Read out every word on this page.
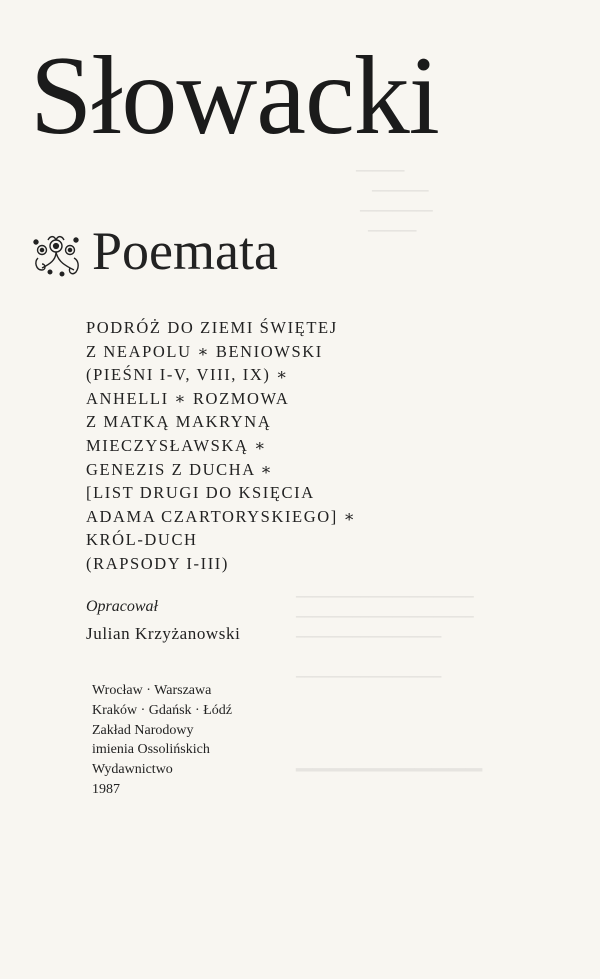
▁▁▁▁▁▁
▁▁▁▁▁▁▁
▁▁▁▁▁▁▁▁▁
▁▁▁▁▁▁
▁▁▁▁▁▁▁▁▁▁▁▁▁▁▁▁▁▁▁▁▁▁
▁▁▁▁▁▁▁▁▁▁▁▁▁▁▁▁▁▁▁▁▁▁
▁▁▁▁▁▁▁▁▁▁▁▁▁▁▁▁▁▁
▁▁▁▁▁▁▁▁▁▁▁▁▁▁▁▁▁▁
▁▁▁▁▁▁▁▁▁▁▁
Słowacki
Poemata
PODRÓŻ DO ZIEMI ŚWIĘTEJ
Z NEAPOLU ∗ BENIOWSKI
(PIEŚNI I-V, VIII, IX) ∗
ANHELLI ∗ ROZMOWA
Z MATKĄ MAKRYNĄ
MIECZYSŁAWSKĄ ∗
GENEZIS Z DUCHA ∗
[LIST DRUGI DO KSIĘCIA
ADAMA CZARTORYSKIEGO] ∗
KRÓL-DUCH
(RAPSODY I-III)
Opracował
Julian Krzyżanowski
Wrocław · Warszawa
Kraków · Gdańsk · Łódź
Zakład Narodowy
imienia Ossolińskich
Wydawnictwo
1987
